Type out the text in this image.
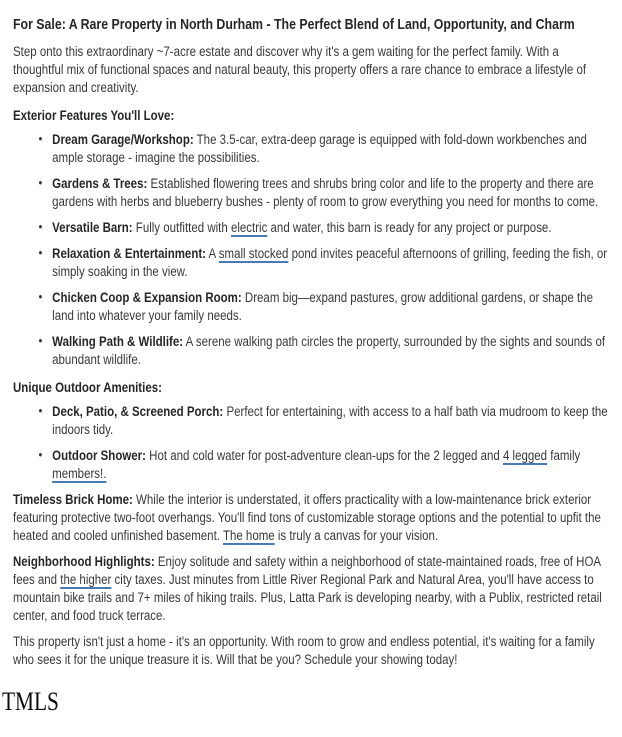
For Sale: A Rare Property in North Durham - The Perfect Blend of Land, Opportunity, and Charm

Step onto this extraordinary ~7-acre estate and discover why it's a gem waiting for the perfect family. With a thoughtful mix of functional spaces and natural beauty, this property offers a rare chance to embrace a lifestyle of expansion and creativity.

Exterior Features You'll Love:
• Dream Garage/Workshop: The 3.5-car, extra-deep garage is equipped with fold-down workbenches and ample storage - imagine the possibilities.
• Gardens & Trees: Established flowering trees and shrubs bring color and life to the property and there are gardens with herbs and blueberry bushes - plenty of room to grow everything you need for months to come.
• Versatile Barn: Fully outfitted with electric and water, this barn is ready for any project or purpose.
• Relaxation & Entertainment: A small stocked pond invites peaceful afternoons of grilling, feeding the fish, or simply soaking in the view.
• Chicken Coop & Expansion Room: Dream big—expand pastures, grow additional gardens, or shape the land into whatever your family needs.
• Walking Path & Wildlife: A serene walking path circles the property, surrounded by the sights and sounds of abundant wildlife.
Unique Outdoor Amenities:
• Deck, Patio, & Screened Porch: Perfect for entertaining, with access to a half bath via mudroom to keep the indoors tidy.
• Outdoor Shower: Hot and cold water for post-adventure clean-ups for the 2 legged and 4 legged family members!.

Timeless Brick Home: While the interior is understated, it offers practicality with a low-maintenance brick exterior featuring protective two-foot overhangs. You'll find tons of customizable storage options and the potential to upfit the heated and cooled unfinished basement. The home is truly a canvas for your vision.

Neighborhood Highlights: Enjoy solitude and safety within a neighborhood of state-maintained roads, free of HOA fees and the higher city taxes. Just minutes from Little River Regional Park and Natural Area, you'll have access to mountain bike trails and 7+ miles of hiking trails. Plus, Latta Park is developing nearby, with a Publix, restricted retail center, and food truck terrace.

This property isn't just a home - it's an opportunity. With room to grow and endless potential, it's waiting for a family who sees it for the unique treasure it is. Will that be you? Schedule your showing today!

TMLS
